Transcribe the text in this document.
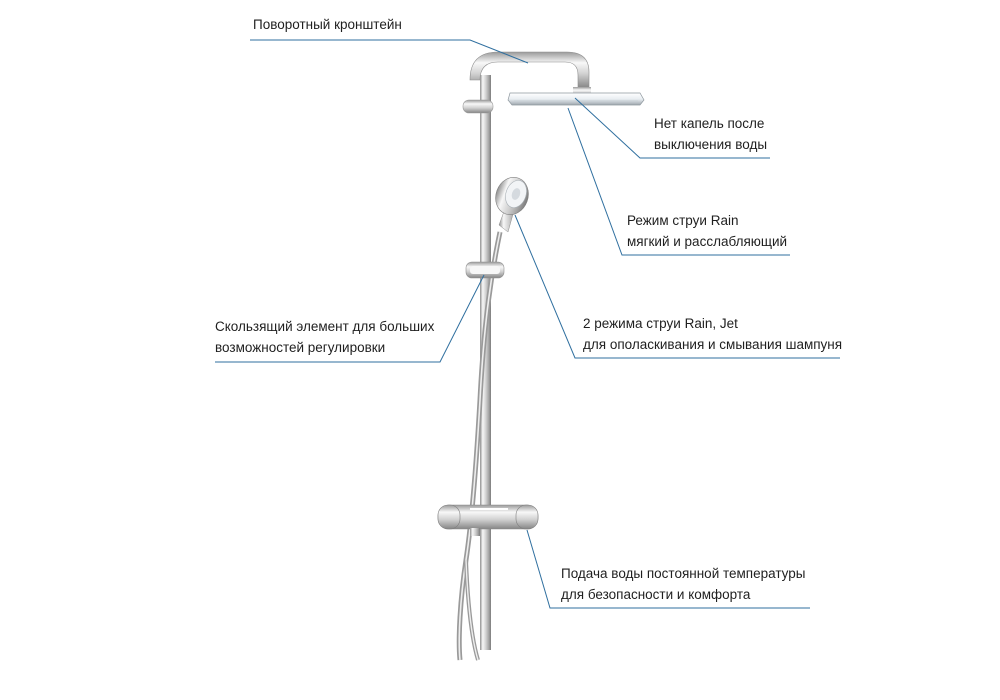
Поворотный кронштейн
Нет капель после
выключения воды
Режим струи Rain
мягкий и расслабляющий
Скользящий элемент для больших
возможностей регулировки
2 режима струи Rain, Jet
для ополаскивания и смывания шампуня
Подача воды постоянной температуры
для безопасности и комфорта
